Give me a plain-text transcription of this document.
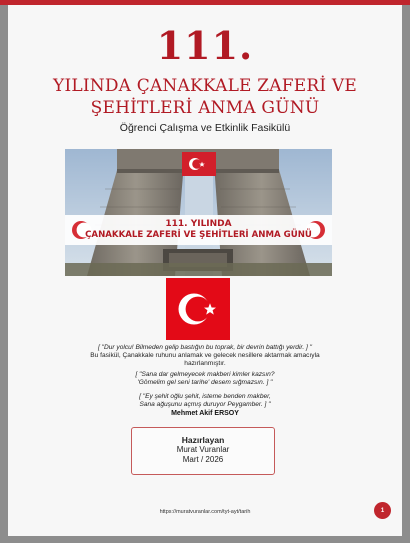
111.
YILINDA ÇANAKKALE ZAFERİ VE
ŞEHİTLERİ ANMA GÜNÜ
Öğrenci Çalışma ve Etkinlik Fasikülü
111. YILINDA
ÇANAKKALE ZAFERİ VE ŞEHİTLERİ ANMA GÜNÜ
[ "Dur yolcu! Bilmeden gelip bastığın bu toprak, bir devrin battığı yerdir. ] "
Bu fasikül, Çanakkale ruhunu anlamak ve gelecek nesillere aktarmak amacıyla
hazırlanmıştır.
[ "Sana dar gelmeyecek makberi kimler kazsın?
'Gömelim gel seni tarihe' desem sığmazsın. ] "
[ "Ey şehit oğlu şehit, isteme benden makber,
Sana ağuşunu açmış duruyor Peygamber. ] "
Mehmet Akif ERSOY
Hazırlayan
Murat Vuranlar
Mart / 2026
https://muratvuranlar.com/tyt-ayt/tarih	1
